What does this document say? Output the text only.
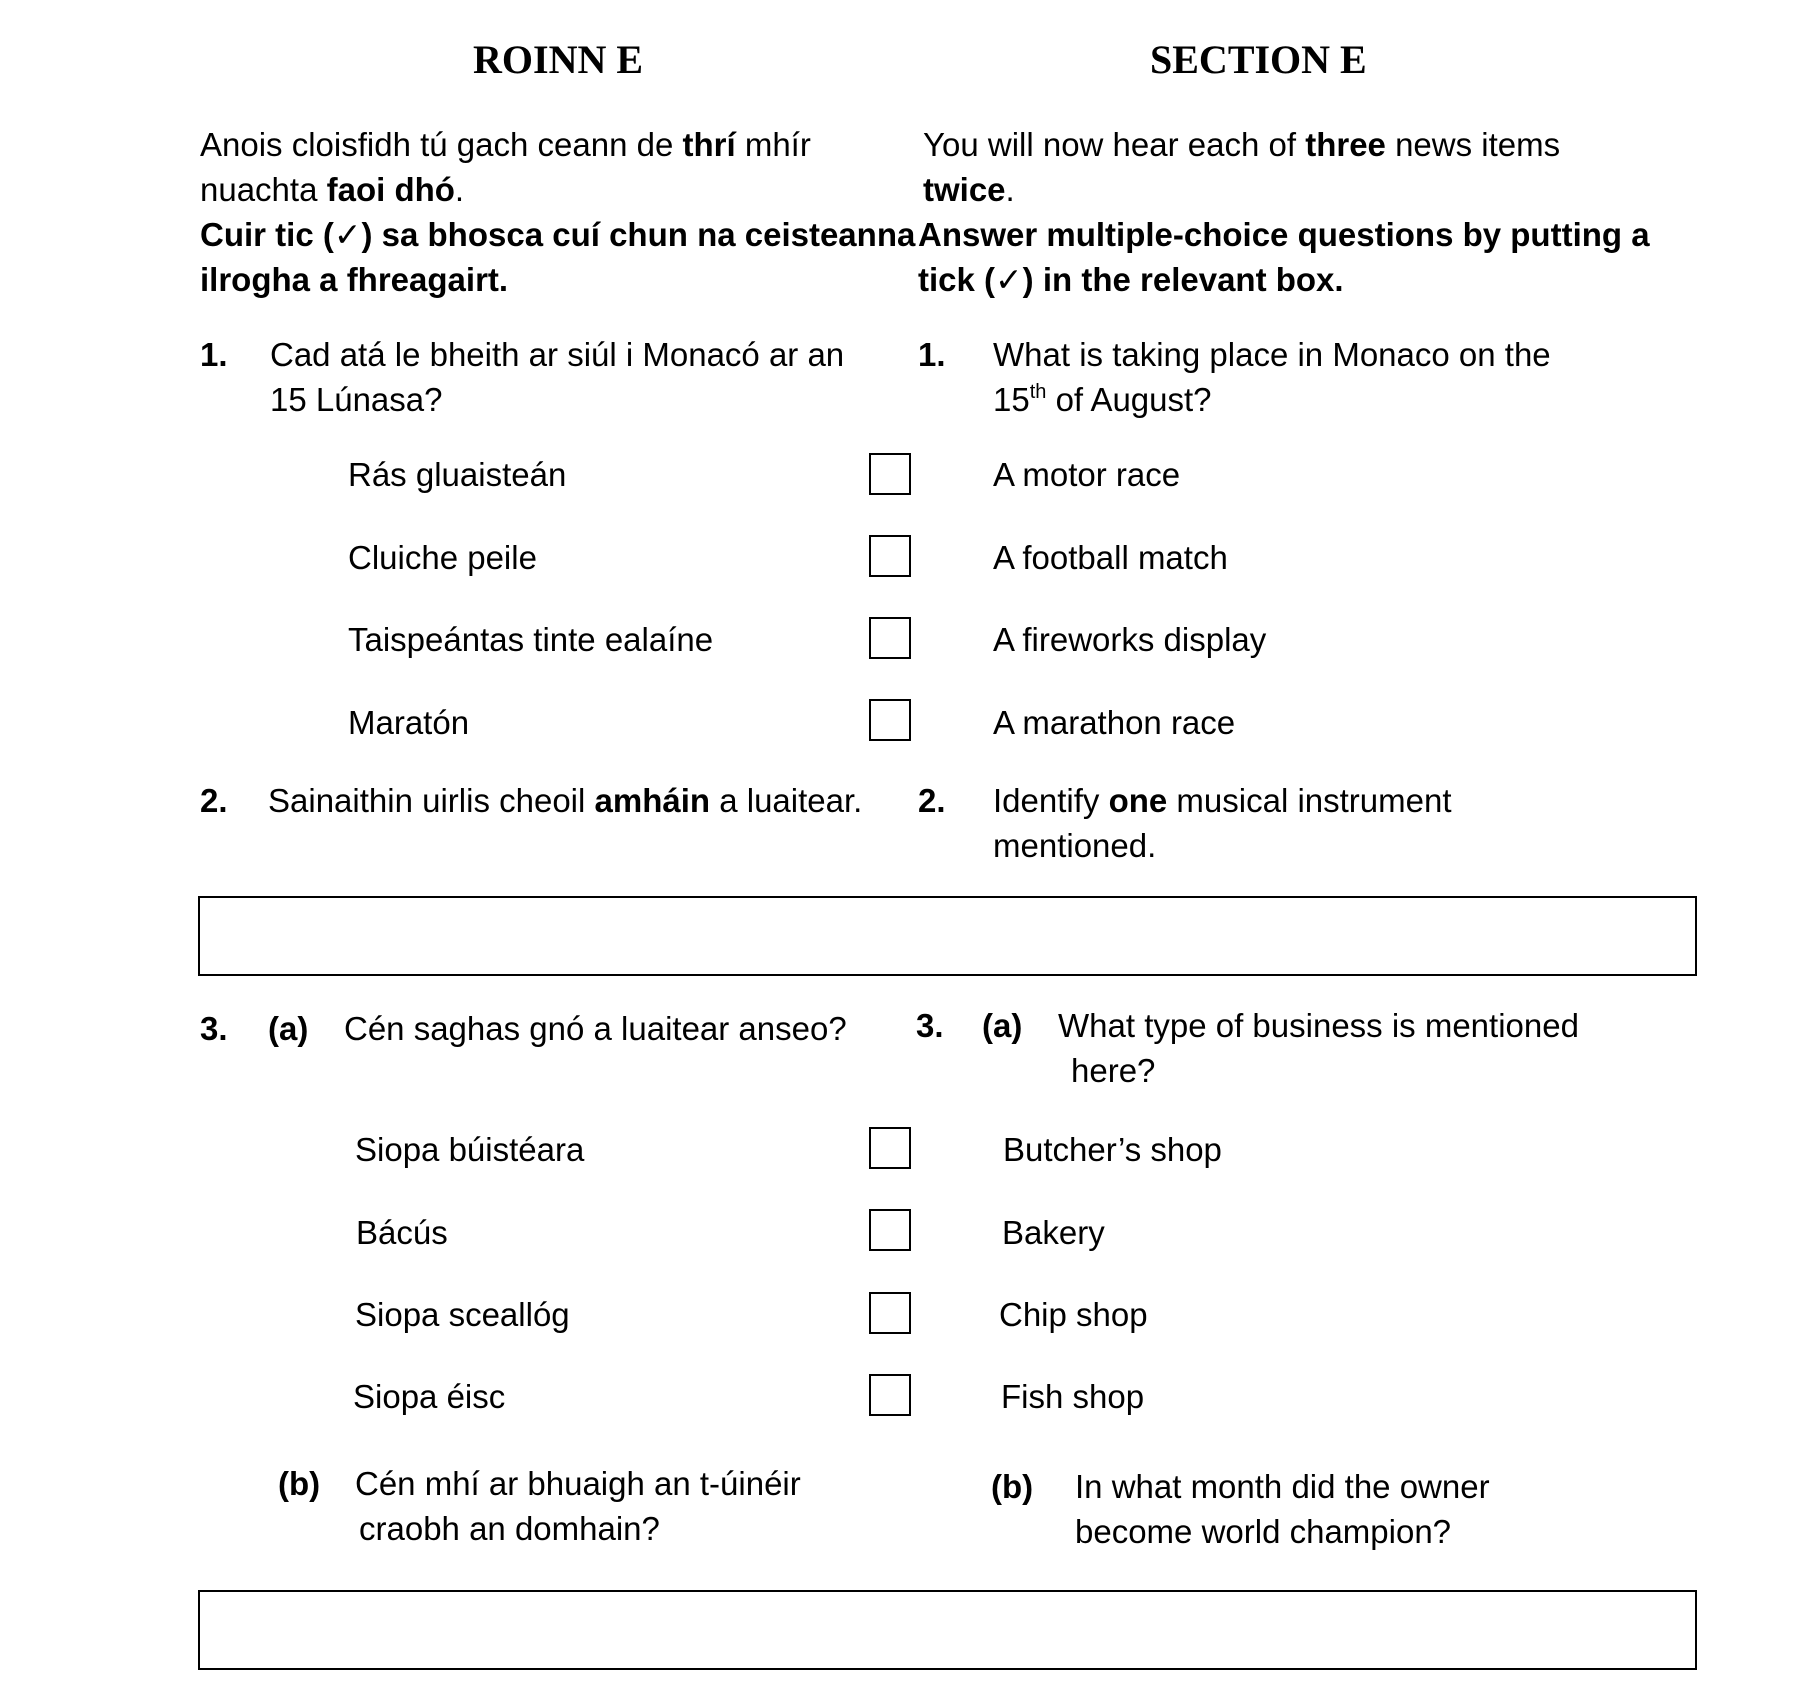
ROINN E	SECTION E
Anois cloisfidh tú gach ceann de thrí mhír
nuachta faoi dhó.
Cuir tic (✓) sa bhosca cuí chun na ceisteanna
ilrogha a fhreagairt.
You will now hear each of three news items
twice.
Answer multiple-choice questions by putting a
tick (✓) in the relevant box.
1. Cad atá le bheith ar siúl i Monacó ar an
15 Lúnasa?
1. What is taking place in Monaco on the
15th of August?
Rás gluaisteán	A motor race
Cluiche peile	A football match
Taispeántas tinte ealaíne	A fireworks display
Maratón	A marathon race
2. Sainaithin uirlis cheoil amháin a luaitear. 2. Identify one musical instrument
mentioned.
3. (a) Cén saghas gnó a luaitear anseo? 3. (a) What type of business is mentioned
here?
Siopa búistéara	Butcher’s shop
Bácús	Bakery
Siopa sceallóg	Chip shop
Siopa éisc	Fish shop
(b) Cén mhí ar bhuaigh an t-úinéir
craobh an domhain?
(b) In what month did the owner
become world champion?
